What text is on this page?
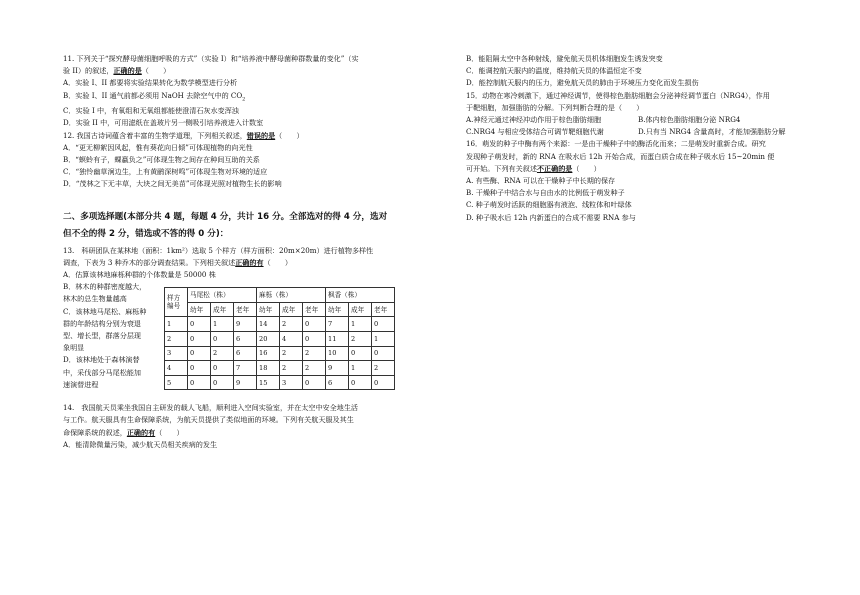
11. 下列关于“探究酵母菌细胞呼吸的方式”（实验 I）和“培养液中酵母菌种群数量的变化”（实
验 II）的叙述，正确的是（　　）
A．实验 I、II 都要将实验结果转化为数学模型进行分析
B．实验 I、II 通气前都必须用 NaOH 去除空气中的 $CO_2$
C．实验 I 中，有氧组和无氧组都能使澄清石灰水变浑浊
D．实验 II 中，可用滤纸在盖玻片另一侧吸引培养液进入计数室
12. 我国古诗词蕴含着丰富的生物学道理，下列相关叙述，错误的是（　　）
A．“更无柳絮因风起，惟有葵花向日倾”可体现植物的向光性
B．“螟蛉有子，蜾蠃负之”可体现生物之间存在种间互助的关系
C．“独怜幽草涧边生，上有黄鹂深树鸣”可体现生物对环境的适应
D．“茂林之下无丰草，大块之间无美苗”可体现光照对植物生长的影响
二、多项选择题(本部分共 4 题，每题 4 分，共计 16 分。全部选对的得 4 分，选对
但不全的得 2 分，错选或不答的得 0 分)：
13.　科研团队在某林地（面积：1km²）选取 5 个样方（样方面积：20m×20m）进行植物多样性
调查，下表为 3 种乔木的部分调查结果。下列相关叙述正确的有（　　）
A．估算该林地麻栎种群的个体数量是 50000 株
B．林木的种群密度越大，
林木的总生物量越高
C．该林地马尾松、麻栎种
群的年龄结构分别为衰退
型、增长型，群落分层现
象明显
D．该林地处于森林演替
中，采伐部分马尾松能加
速演替进程
样方
编号	马尾松（株）			麻栎（株）			枫香（株）		
	幼年	成年	老年	幼年	成年	老年	幼年	成年	老年
1	0	1	9	14	2	0	7	1	0
2	0	0	6	20	4	0	11	2	1
3	0	2	6	16	2	2	10	0	0
4	0	0	7	18	2	2	9	1	2
5	0	0	9	15	3	0	6	0	0
14.　我国航天员乘坐我国自主研发的载人飞船，顺利进入空间实验室，并在太空中安全地生活
与工作。航天服具有生命保障系统，为航天员提供了类似地面的环境。下列有关航天服及其生
命保障系统的叙述，正确的有（　　）
A．能清除微量污染，减少航天员相关疾病的发生
B．能阻隔太空中各种射线，避免航天员机体细胞发生诱发突变
C．能调控航天服内的温度，维持航天员的体温恒定不变
D．能控制航天服内的压力，避免航天员的肺由于环境压力变化而发生损伤
15．动物在寒冷刺激下，通过神经调节，使得棕色脂肪细胞会分泌神经调节蛋白（NRG4），作用
于靶细胞，加强脂肪的分解。下列判断合理的是（　　）
A.神经元通过神经冲动作用于棕色脂肪细胞	B.体内棕色脂肪细胞分泌 NRG4
C.NRG4 与相应受体结合可调节靶细胞代谢	D.只有当 NRG4 含量高时，才能加强脂肪分解
16．萌发的种子中酶有两个来源：一是由干燥种子中的酶活化而来；二是萌发时重新合成。研究
发现种子萌发时，新的 RNA 在吸水后 12h 开始合成，而蛋白质合成在种子吸水后 15~20min 便
可开始。下列有关叙述不正确的是（　　）
A. 有些酶、RNA 可以在干燥种子中长期的保存
B. 干燥种子中结合水与自由水的比例低于萌发种子
C. 种子萌发时活跃的细胞器有液泡、线粒体和叶绿体
D. 种子吸水后 12h 内新蛋白的合成不需要 RNA 参与
